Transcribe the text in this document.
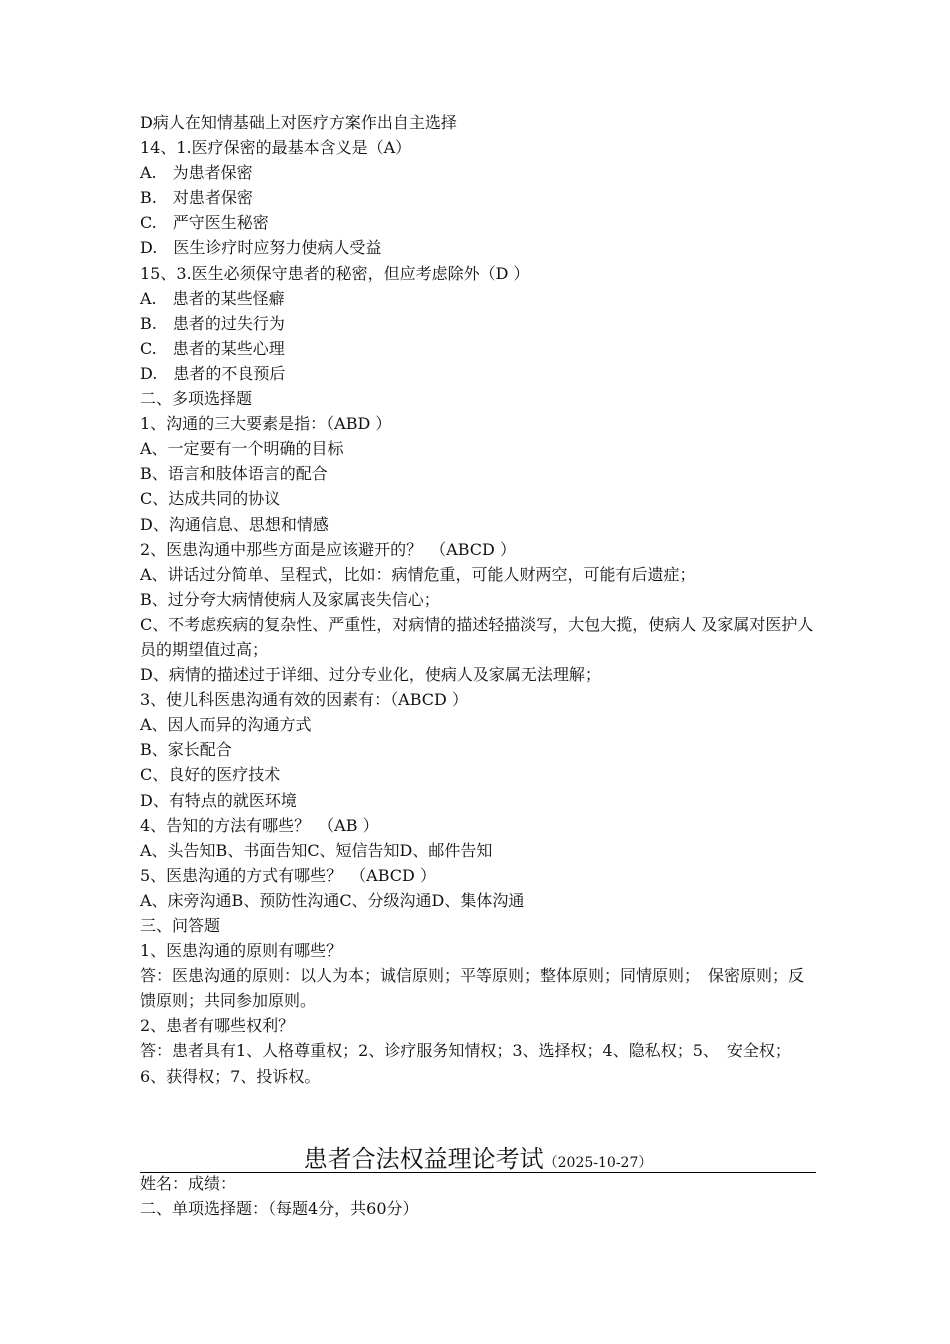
D病人在知情基础上对医疗方案作出自主选择

14、1.医疗保密的最基本含义是（A）

A.　为患者保密

B.　对患者保密

C.　严守医生秘密

D.　医生诊疗时应努力使病人受益

15、3.医生必须保守患者的秘密，但应考虑除外（D ）

A.　患者的某些怪癖

B.　患者的过失行为

C.　患者的某些心理

D.　患者的不良预后

二、多项选择题

1、沟通的三大要素是指：（ABD ）

A、一定要有一个明确的目标

B、语言和肢体语言的配合

C、达成共同的协议

D、沟通信息、思想和情感

2、医患沟通中那些方面是应该避开的？　（ABCD ）

A、讲话过分简单、呈程式，比如：病情危重，可能人财两空，可能有后遗症；

B、过分夸大病情使病人及家属丧失信心；

C、不考虑疾病的复杂性、严重性，对病情的描述轻描淡写，大包大揽，使病人 及家属对医护人员的期望值过高；

D、病情的描述过于详细、过分专业化，使病人及家属无法理解；

3、使儿科医患沟通有效的因素有：（ABCD ）

A、因人而异的沟通方式

B、家长配合

C、良好的医疗技术

D、有特点的就医环境

4、告知的方法有哪些？　（AB ）

A、头告知B、书面告知C、短信告知D、邮件告知

5、医患沟通的方式有哪些？　（ABCD ）

A、床旁沟通B、预防性沟通C、分级沟通D、集体沟通

三、问答题

1、医患沟通的原则有哪些？

答：医患沟通的原则：以人为本；诚信原则；平等原则；整体原则；同情原则；　保密原则；反馈原则；共同参加原则。

2、患者有哪些权利？

答：患者具有1、人格尊重权；2、诊疗服务知情权；3、选择权；4、隐私权；5、　安全权；6、获得权；7、投诉权。

患者合法权益理论考试（2025-10-27）

姓名：成绩：

二、单项选择题：（每题4分，共60分）
